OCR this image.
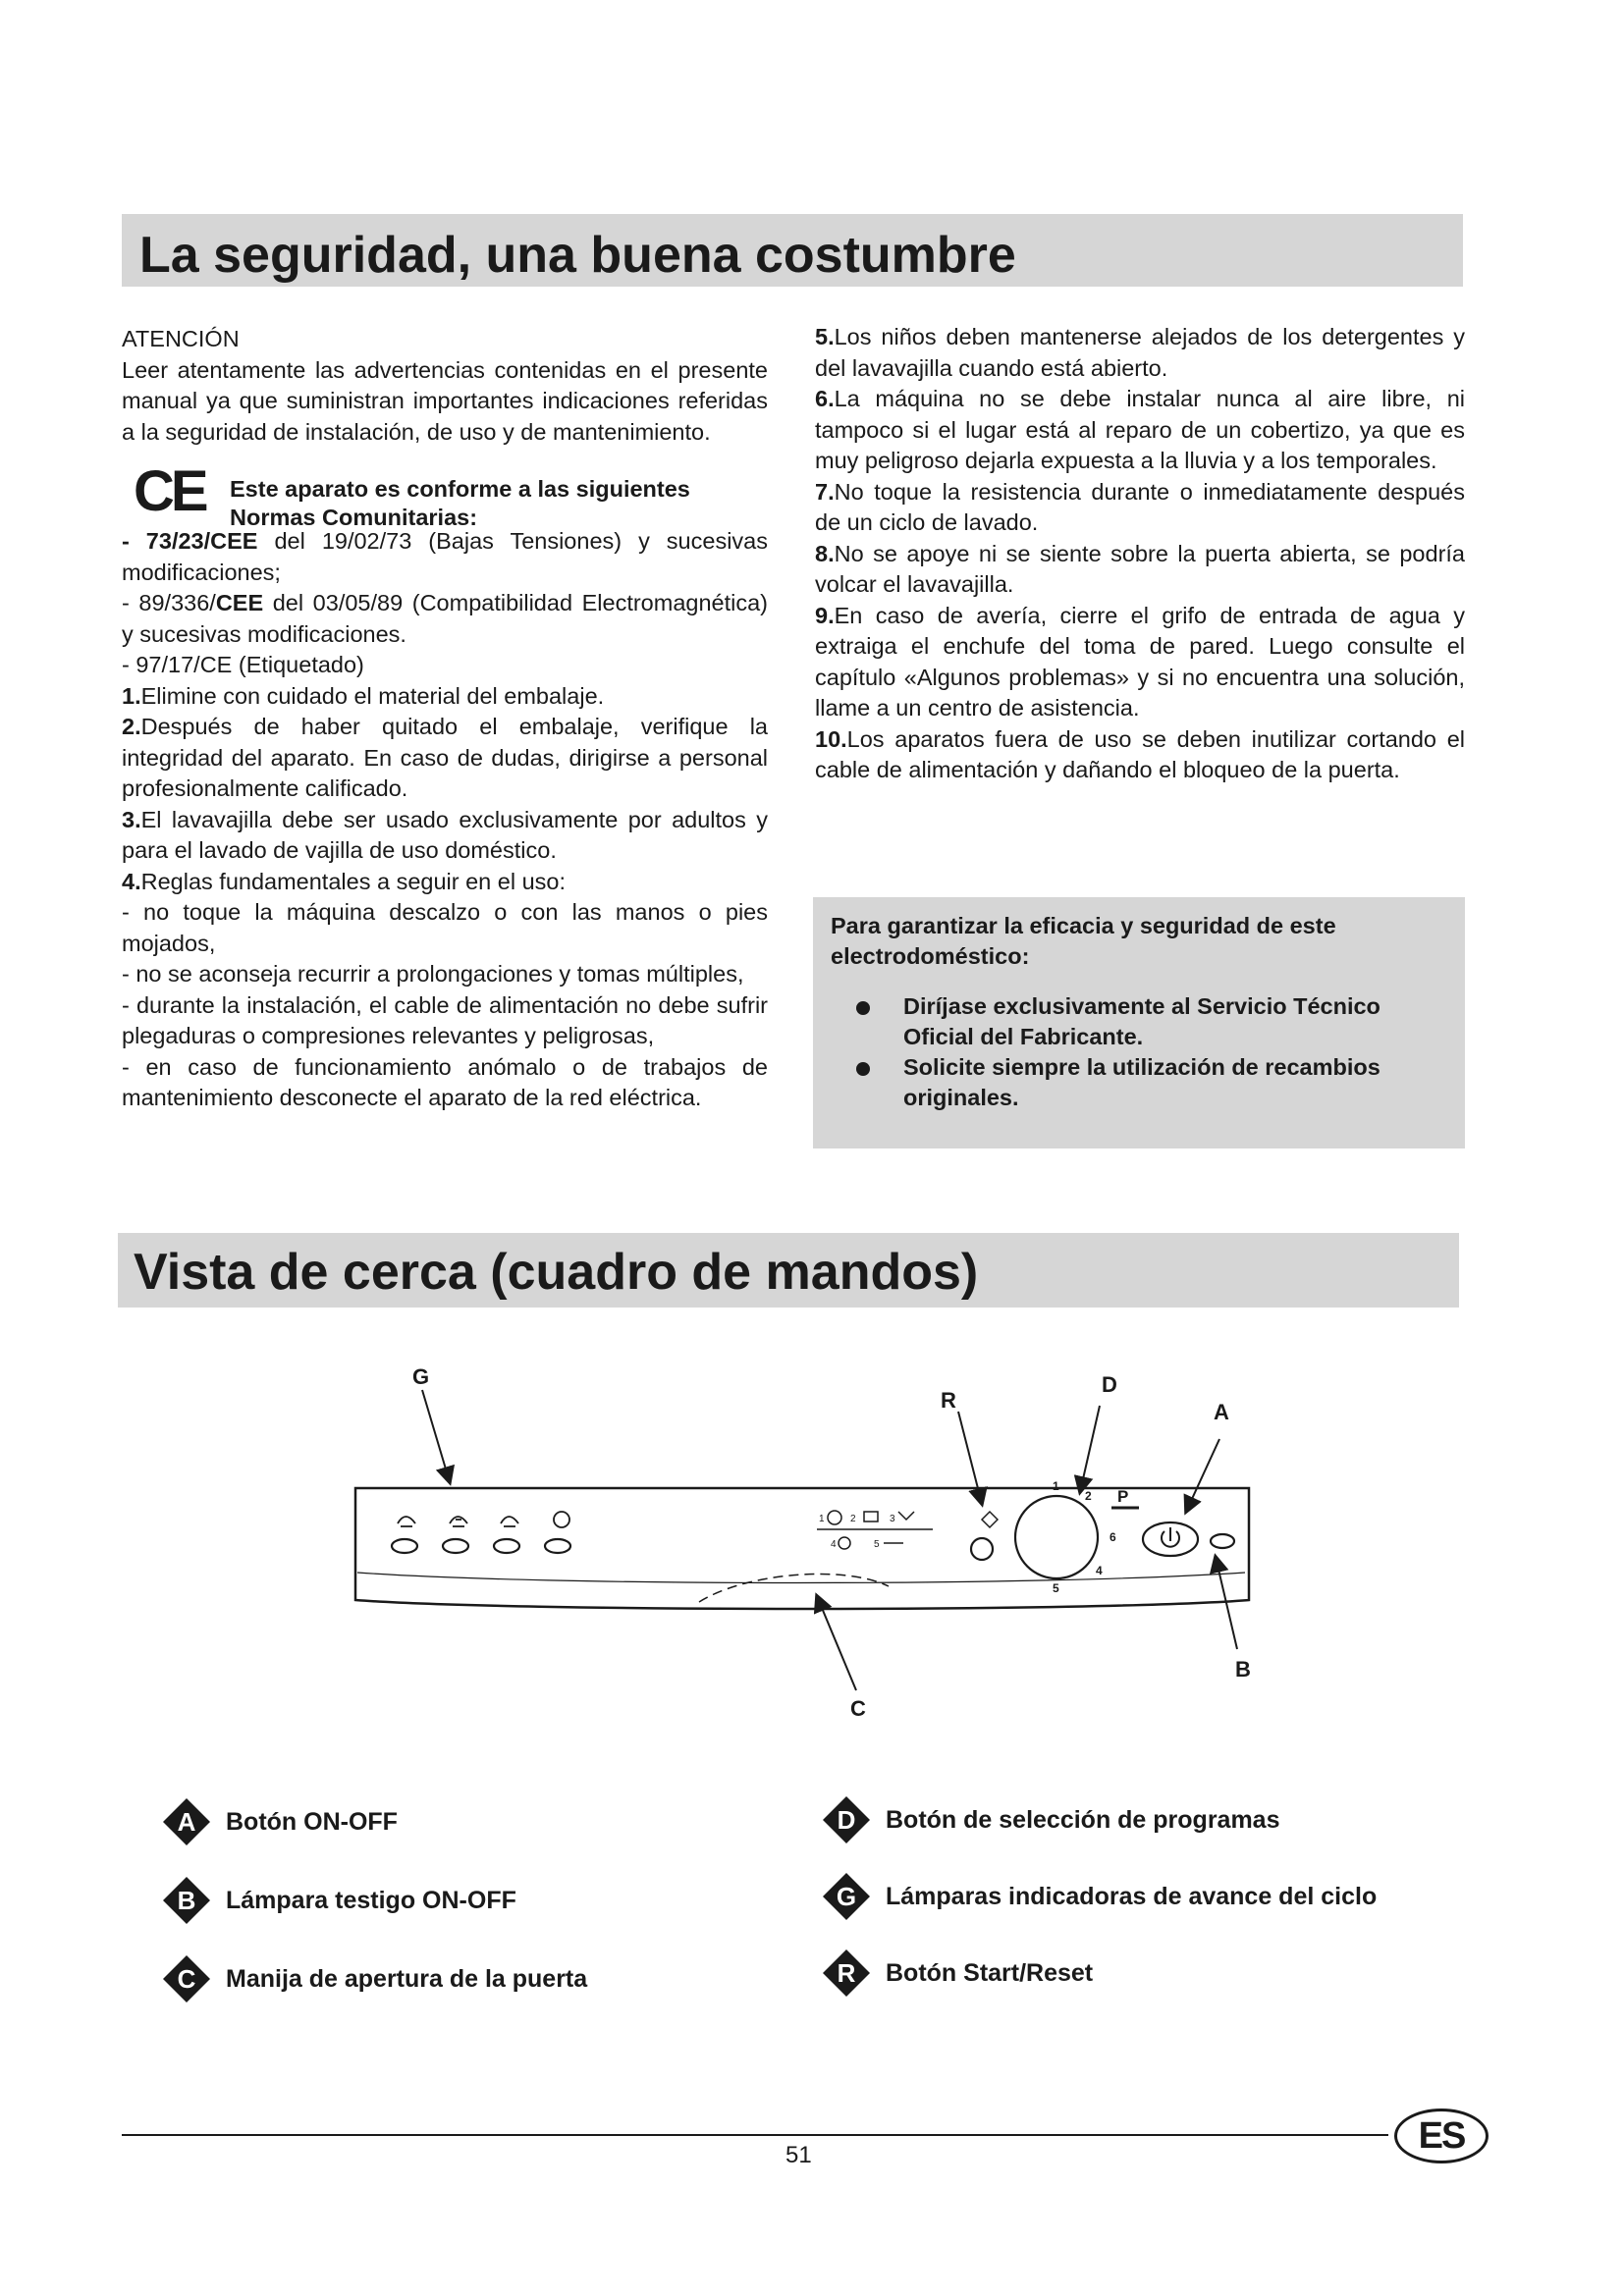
La seguridad, una buena costumbre

ATENCIÓN

Leer atentamente las advertencias contenidas en el presente manual ya que suministran importantes indicaciones referidas a la seguridad de instalación, de uso y de mantenimiento.

CE Este aparato es conforme a las siguientes Normas Comunitarias:

- 73/23/CEE del 19/02/73 (Bajas Tensiones) y sucesivas modificaciones;

- 89/336/CEE del 03/05/89 (Compatibilidad Electromagnética) y sucesivas modificaciones.

- 97/17/CE (Etiquetado)

1.Elimine con cuidado el material del embalaje.

2.Después de haber quitado el embalaje, verifique la integridad del aparato. En caso de dudas, dirigirse a personal profesionalmente calificado.

3.El lavavajilla debe ser usado exclusivamente por adultos y para el lavado de vajilla de uso doméstico.

4.Reglas fundamentales a seguir en el uso:

- no toque la máquina descalzo o con las manos o pies mojados,

- no se aconseja recurrir a prolongaciones y tomas múltiples,

- durante la instalación, el cable de alimentación no debe sufrir plegaduras o compresiones relevantes y peligrosas,

- en caso de funcionamiento anómalo o de trabajos de mantenimiento desconecte el aparato de la red eléctrica.

5.Los niños deben mantenerse alejados de los detergentes y del lavavajilla cuando está abierto.

6.La máquina no se debe instalar nunca al aire libre, ni tampoco si el lugar está al reparo de un cobertizo, ya que es muy peligroso dejarla expuesta a la lluvia y a los temporales.

7.No toque la resistencia durante o inmediatamente después de un ciclo de lavado.

8.No se apoye ni se siente sobre la puerta abierta, se podría volcar el lavavajilla.

9.En caso de avería, cierre el grifo de entrada de agua y extraiga el enchufe del toma de pared. Luego consulte el capítulo «Algunos problemas» y si no encuentra una solución, llame a un centro de asistencia.

10.Los aparatos fuera de uso se deben inutilizar cortando el cable de alimentación y dañando el bloqueo de la puerta.

Para garantizar la eficacia y seguridad de este electrodoméstico:
Diríjase exclusivamente al Servicio Técnico Oficial del Fabricante.
Solicite siempre la utilización de recambios originales.
Vista de cerca (cuadro de mandos)
1	2	3
4	5
1
2
6
4
5
P
G
R
D
A
B
C
A Botón ON-OFF
B Lámpara testigo ON-OFF
C Manija de apertura de la puerta
D Botón de selección de programas
G Lámparas indicadoras de avance del ciclo
R Botón Start/Reset
51	ES
